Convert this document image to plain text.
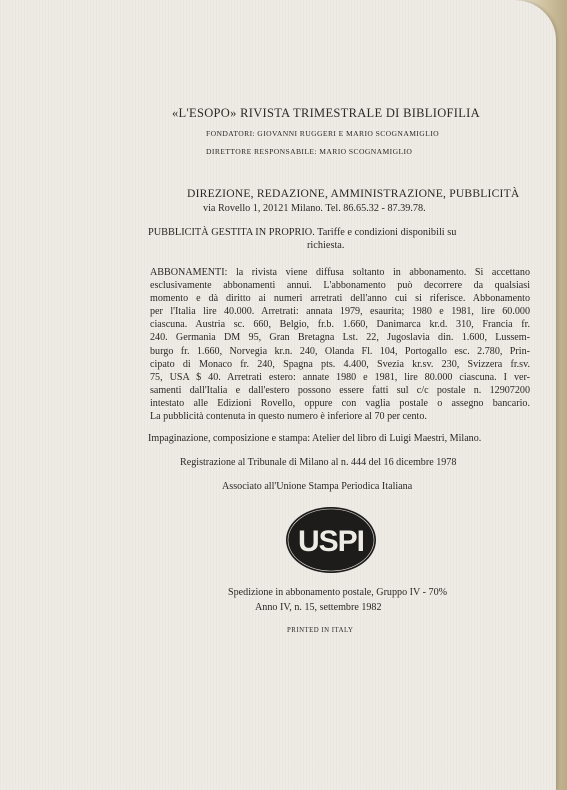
«L'ESOPO» RIVISTA TRIMESTRALE DI BIBLIOFILIA
FONDATORI: GIOVANNI RUGGERI E MARIO SCOGNAMIGLIO
DIRETTORE RESPONSABILE: MARIO SCOGNAMIGLIO
DIREZIONE, REDAZIONE, AMMINISTRAZIONE, PUBBLICITÀ
via Rovello 1, 20121 Milano. Tel. 86.65.32 - 87.39.78.
PUBBLICITÀ GESTITA IN PROPRIO. Tariffe e condizioni disponibili su
richiesta.
ABBONAMENTI: la rivista viene diffusa soltanto in abbonamento. Si accettano
esclusivamente abbonamenti annui. L'abbonamento può decorrere da qualsiasi
momento e dà diritto ai numeri arretrati dell'anno cui si riferisce. Abbonamento
per l'Italia lire 40.000. Arretrati: annata 1979, esaurita; 1980 e 1981, lire 60.000
ciascuna. Austria sc. 660, Belgio, fr.b. 1.660, Danimarca kr.d. 310, Francia fr.
240. Germania DM 95, Gran Bretagna Lst. 22, Jugoslavia din. 1.600, Lussem-
burgo fr. 1.660, Norvegia kr.n. 240, Olanda Fl. 104, Portogallo esc. 2.780, Prin-
cipato di Monaco fr. 240, Spagna pts. 4.400, Svezia kr.sv. 230, Svizzera fr.sv.
75, USA $ 40. Arretrati estero: annate 1980 e 1981, lire 80.000 ciascuna. I ver-
samenti dall'Italia e dall'estero possono essere fatti sul c/c postale n. 12907200
intestato alle Edizioni Rovello, oppure con vaglia postale o assegno bancario.
La pubblicità contenuta in questo numero è inferiore al 70 per cento.
Impaginazione, composizione e stampa: Atelier del libro di Luigi Maestri, Milano.
Registrazione al Tribunale di Milano al n. 444 del 16 dicembre 1978
Associato all'Unione Stampa Periodica Italiana
USPI
Spedizione in abbonamento postale, Gruppo IV - 70%
Anno IV, n. 15, settembre 1982
PRINTED IN ITALY
